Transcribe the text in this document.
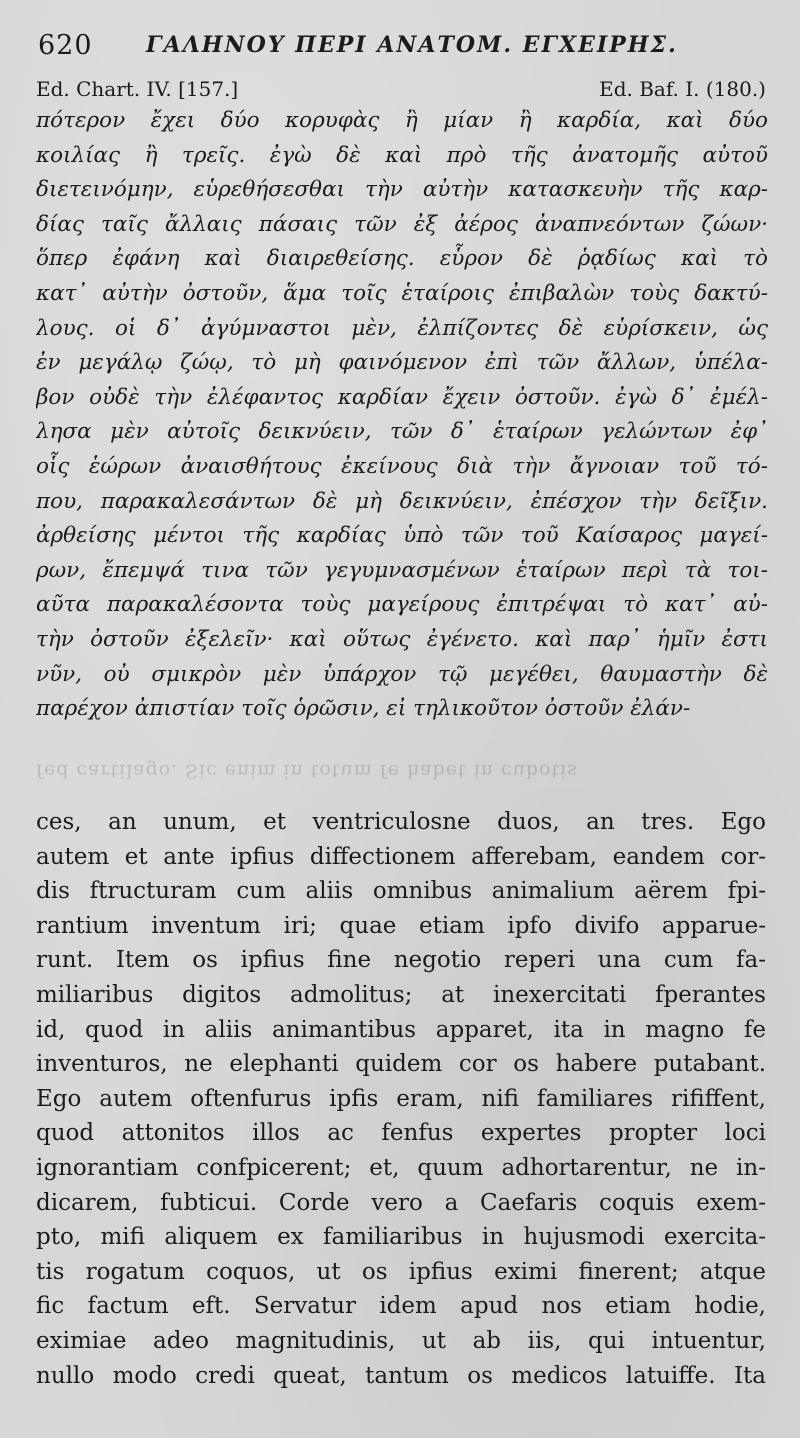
620 ΓΑΛΗΝΟΥ ΠΕΡΙ ΑΝΑΤΟΜ. ΕΓΧΕΙΡΗΣ.
Ed. Chart. IV. [157.]	Ed. Baf. I. (180.)
πότερον ἔχει δύο κορυφὰς ἢ μίαν ἢ καρδία, καὶ δύο
κοιλίας ἢ τρεῖς. ἐγὼ δὲ καὶ πρὸ τῆς ἀνατομῆς αὐτοῦ
διετεινόμην, εὑρεθήσεσθαι τὴν αὐτὴν κατασκευὴν τῆς καρ-
δίας ταῖς ἄλλαις πάσαις τῶν ἐξ ἀέρος ἀναπνεόντων ζώων·
ὅπερ ἐφάνη καὶ διαιρεθείσης. εὗρον δὲ ῥᾳδίως καὶ τὸ
κατ᾽ αὐτὴν ὀστοῦν, ἅμα τοῖς ἑταίροις ἐπιβαλὼν τοὺς δακτύ-
λους. οἱ δ᾽ ἀγύμναστοι μὲν, ἐλπίζοντες δὲ εὑρίσκειν, ὡς
ἐν μεγάλῳ ζώῳ, τὸ μὴ φαινόμενον ἐπὶ τῶν ἄλλων, ὑπέλα-
βον οὐδὲ τὴν ἐλέφαντος καρδίαν ἔχειν ὀστοῦν. ἐγὼ δ᾽ ἐμέλ-
λησα μὲν αὐτοῖς δεικνύειν, τῶν δ᾽ ἑταίρων γελώντων ἐφ᾽
οἷς ἑώρων ἀναισθήτους ἐκείνους διὰ τὴν ἄγνοιαν τοῦ τό-
που, παρακαλεσάντων δὲ μὴ δεικνύειν, ἐπέσχον τὴν δεῖξιν.
ἀρθείσης μέντοι τῆς καρδίας ὑπὸ τῶν τοῦ Καίσαρος μαγεί-
ρων, ἔπεμψά τινα τῶν γεγυμνασμένων ἑταίρων περὶ τὰ τοι-
αῦτα παρακαλέσοντα τοὺς μαγείρους ἐπιτρέψαι τὸ κατ᾽ αὐ-
τὴν ὀστοῦν ἐξελεῖν· καὶ οὕτως ἐγένετο. καὶ παρ᾽ ἡμῖν ἐστι
νῦν, οὐ σμικρὸν μὲν ὑπάρχον τῷ μεγέθει, θαυμαστὴν δὲ
παρέχον ἀπιστίαν τοῖς ὁρῶσιν, εἰ τηλικοῦτον ὀστοῦν ἐλάν-
fed cartilago. Sic enim in totum fe habet in cubotis
ces, an unum, et ventriculosne duos, an tres. Ego
autem et ante ipfius diffectionem afferebam, eandem cor-
dis ftructuram cum aliis omnibus animalium aërem fpi-
rantium inventum iri; quae etiam ipfo divifo apparue-
runt. Item os ipfius fine negotio reperi una cum fa-
miliaribus digitos admolitus; at inexercitati fperantes
id, quod in aliis animantibus apparet, ita in magno fe
inventuros, ne elephanti quidem cor os habere putabant.
Ego autem oftenfurus ipfis eram, nifi familiares rififfent,
quod attonitos illos ac fenfus expertes propter loci
ignorantiam confpicerent; et, quum adhortarentur, ne in-
dicarem, fubticui. Corde vero a Caefaris coquis exem-
pto, mifi aliquem ex familiaribus in hujusmodi exercita-
tis rogatum coquos, ut os ipfius eximi finerent; atque
fic factum eft. Servatur idem apud nos etiam hodie,
eximiae adeo magnitudinis, ut ab iis, qui intuentur,
nullo modo credi queat, tantum os medicos latuiffe. Ita
